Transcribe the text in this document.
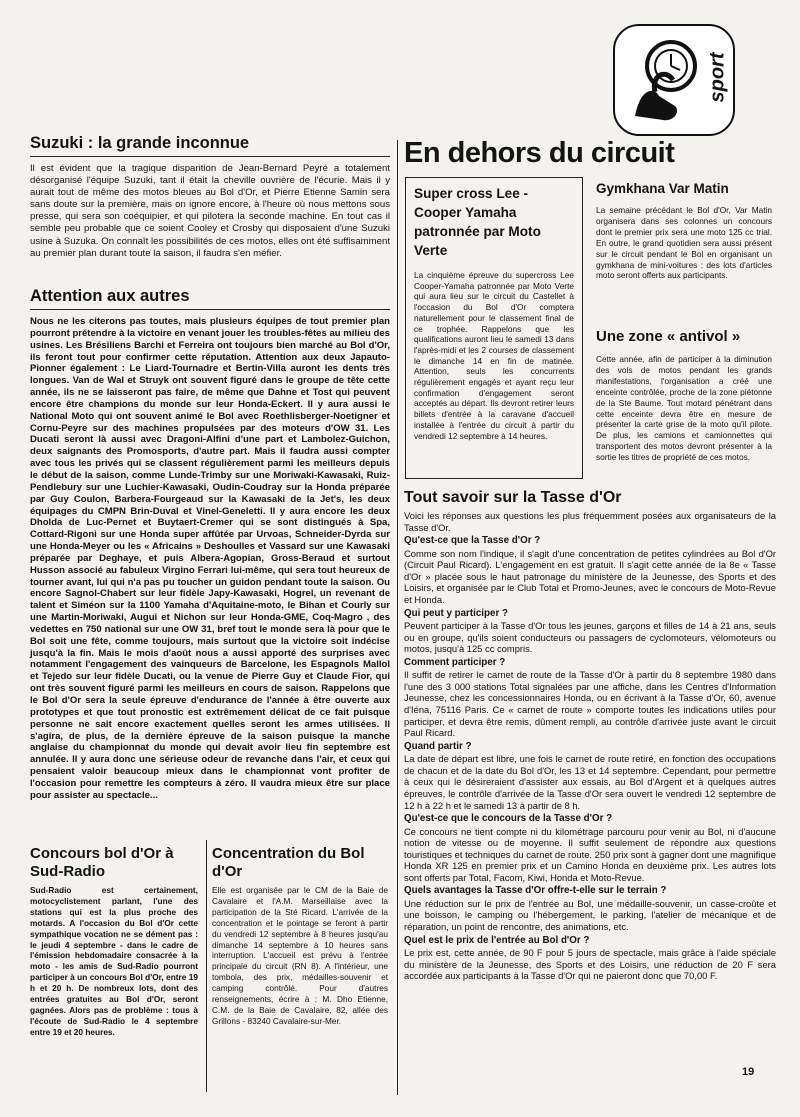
sport
Suzuki : la grande inconnue

Il est évident que la tragique disparition de Jean-Bernard Peyré a totalement désorganisé l'équipe Suzuki, tant il était la cheville ouvrière de l'écurie. Mais il y aurait tout de même des motos bleues au Bol d'Or, et Pierre Etienne Samin sera sans doute sur la première, mais on ignore encore, à l'heure où nous mettons sous presse, qui sera son coéquipier, et qui pilotera la seconde machine. En tout cas il semble peu probable que ce soient Cooley et Crosby qui disposaient d'une Suzuki usine à Suzuka. On connaît les possibilités de ces motos, elles ont été suffisamment au premier plan durant toute la saison, il faudra s'en méfier.

Attention aux autres

Nous ne les citerons pas toutes, mais plusieurs équipes de tout premier plan pourront prétendre à la victoire en venant jouer les troubles-fêtes au milieu des usines. Les Brésiliens Barchi et Ferreira ont toujours bien marché au Bol d'Or, ils feront tout pour confirmer cette réputation. Attention aux deux Japauto-Pionner également : Le Liard-Tournadre et Bertin-Villa auront les dents très longues. Van de Wal et Struyk ont souvent figuré dans le groupe de tête cette année, ils ne se laisseront pas faire, de même que Dahne et Tost qui peuvent encore être champions du monde sur leur Honda-Eckert. Il y aura aussi le National Moto qui ont souvent animé le Bol avec Roethlisberger-Noetigner et Cornu-Peyre sur des machines propulsées par des moteurs d'OW 31. Les Ducati seront là aussi avec Dragoni-Alfini d'une part et Lambolez-Guichon, deux saignants des Promosports, d'autre part. Mais il faudra aussi compter avec tous les privés qui se classent régulièrement parmi les meilleurs depuis le début de la saison, comme Lunde-Trimby sur une Moriwaki-Kawasaki, Ruiz-Pendlebury sur une Luchier-Kawasaki, Oudin-Coudray sur la Honda préparée par Guy Coulon, Barbera-Fourgeaud sur la Kawasaki de la Jet's, les deux équipages du CMPN Brin-Duval et Vinel-Geneletti. Il y aura encore les deux Dholda de Luc-Pernet et Buytaert-Cremer qui se sont distingués à Spa, Cottard-Rigoni sur une Honda super affûtée par Urvoas, Schneider-Dyrda sur une Honda-Meyer ou les « Africains » Deshoulles et Vassard sur une Kawasaki préparée par Deghaye, et puis Albera-Agopian, Gross-Beraud et surtout Husson associé au fabuleux Virgino Ferrari lui-même, qui sera tout heureux de tourner avant, lui qui n'a pas pu toucher un guidon pendant toute la saison. Ou encore Sagnol-Chabert sur leur fidèle Japy-Kawasaki, Hogrel, un revenant de talent et Siméon sur la 1100 Yamaha d'Aquitaine-moto, le Bihan et Courly sur une Martin-Moriwaki, Augui et Nichon sur leur Honda-GME, Coq-Magro , des vedettes en 750 national sur une OW 31, bref tout le monde sera là pour que le Bol soit une fête, comme toujours, mais surtout que la victoire soit indécise jusqu'à la fin. Mais le mois d'août nous a aussi apporté des surprises avec notamment l'engagement des vainqueurs de Barcelone, les Espagnols Mallol et Tejedo sur leur fidèle Ducati, ou la venue de Pierre Guy et Claude Fior, qui ont très souvent figuré parmi les meilleurs en cours de saison. Rappelons que le Bol d'Or sera la seule épreuve d'endurance de l'année à être ouverte aux prototypes et que tout pronostic est extrêmement délicat de ce fait puisque personne ne sait encore exactement quelles seront les armes utilisées. Il s'agira, de plus, de la dernière épreuve de la saison puisque la manche anglaise du championnat du monde qui devait avoir lieu fin septembre est annulée. Il y aura donc une sérieuse odeur de revanche dans l'air, et ceux qui pensaient valoir beaucoup mieux dans le championnat vont profiter de l'occasion pour remettre les compteurs à zéro. Il vaudra mieux être sur place pour assister au spectacle...

Concours bol d'Or à Sud-Radio

Sud-Radio est certainement, motocyclistement parlant, l'une des stations qui est la plus proche des motards. A l'occasion du Bol d'Or cette sympathique vocation ne se dément pas : le jeudi 4 septembre - dans le cadre de l'émission hebdomadaire consacrée à la moto - les amis de Sud-Radio pourront participer à un concours Bol d'Or, entre 19 h et 20 h. De nombreux lots, dont des entrées gratuites au Bol d'Or, seront gagnées. Alors pas de problème : tous à l'écoute de Sud-Radio le 4 septembre entre 19 et 20 heures.

Concentration du Bol d'Or

Elle est organisée par le CM de la Baie de Cavalaire et l'A.M. Marseillaise avec la participation de la Sté Ricard. L'arrivée de la concentration et le pointage se feront à partir du vendredi 12 septembre à 8 heures jusqu'au dimanche 14 septembre à 10 heures sans interruption. L'accueil est prévu à l'entrée principale du circuit (RN 8). A l'intérieur, une tombola, des prix, médailles-souvenir et camping contrôlé. Pour d'autres renseignements, écrire à : M. Dho Etienne, C.M. de la Baie de Cavalaire, 82, allée des Grillons - 83240 Cavalaire-sur-Mer.

En dehors du circuit
Super cross Lee - Cooper Yamaha patronnée par Moto Verte

La cinquième épreuve du supercross Lee Cooper-Yamaha patronnée par Moto Verte qui aura lieu sur le circuit du Castellet à l'occasion du Bol d'Or comptera naturellement pour le classement final de ce trophée. Rappelons que les qualifications auront lieu le samedi 13 dans l'après-midi et les 2 courses de classement le dimanche 14 en fin de matinée. Attention, seuls les concurrents régulièrement engagés et ayant reçu leur confirmation d'engagement seront acceptés au départ. Ils devront retirer leurs billets d'entrée à la caravane d'accueil installée à l'entrée du circuit à partir du vendredi 12 septembre à 14 heures.

Gymkhana Var Matin

La semaine précédant le Bol d'Or, Var Matin organisera dans ses colonnes un concours dont le premier prix sera une moto 125 cc trial. En outre, le grand quotidien sera aussi présent sur le circuit pendant le Bol en organisant un gymkhana de mini-voitures : des lots d'articles moto seront offerts aux participants.

Une zone « antivol »

Cette année, afin de participer à la diminution des vols de motos pendant les grands manifestations, l'organisation a créé une enceinte contrôlée, proche de la zone piétonne de la Ste Baume. Tout motard pénétrant dans cette enceinte devra être en mesure de présenter la carte grise de la moto qu'il pilote. De plus, les camions et camionnettes qui transportent des motos devront présenter à la sortie les titres de propriété de ces motos.

Tout savoir sur la Tasse d'Or

Voici les réponses aux questions les plus fréquemment posées aux organisateurs de la Tasse d'Or.

Qu'est-ce que la Tasse d'Or ?

Comme son nom l'indique, il s'agit d'une concentration de petites cylindrées au Bol d'Or (Circuit Paul Ricard). L'engagement en est gratuit. Il s'agit cette année de la 8e « Tasse d'Or » placée sous le haut patronage du ministère de la Jeunesse, des Sports et des Loisirs, et organisée par le Club Total et Promo-Jeunes, avec le concours de Moto-Revue et Honda.

Qui peut y participer ?

Peuvent participer à la Tasse d'Or tous les jeunes, garçons et filles de 14 à 21 ans, seuls ou en groupe, qu'ils soient conducteurs ou passagers de cyclomoteurs, vélomoteurs ou motos, jusqu'à 125 cc compris.

Comment participer ?

Il suffit de retirer le carnet de route de la Tasse d'Or à partir du 8 septembre 1980 dans l'une des 3 000 stations Total signalées par une affiche, dans les Centres d'Information Jeunesse, chez les concessionnaires Honda, ou en écrivant à la Tasse d'Or, 60, avenue d'Iéna, 75116 Paris. Ce « carnet de route » comporte toutes les indications utiles pour participer, et devra être remis, dûment rempli, au contrôle d'arrivée juste avant le circuit Paul Ricard.

Quand partir ?

La date de départ est libre, une fois le carnet de route retiré, en fonction des occupations de chacun et de la date du Bol d'Or, les 13 et 14 septembre. Cependant, pour permettre à ceux qui le désireraient d'assister aux essais, au Bol d'Argent et à quelques autres épreuves, le contrôle d'arrivée de la Tasse d'Or sera ouvert le vendredi 12 septembre de 12 h à 22 h et le samedi 13 à partir de 8 h.

Qu'est-ce que le concours de la Tasse d'Or ?

Ce concours ne tient compte ni du kilométrage parcouru pour venir au Bol, ni d'aucune notion de vitesse ou de moyenne. Il suffit seulement de répondre aux questions touristiques et techniques du carnet de route. 250 prix sont à gagner dont une magnifique Honda XR 125 en premier prix et un Camino Honda en deuxième prix. Les autres lots sont offerts par Total, Facom, Kiwi, Honda et Moto-Revue.

Quels avantages la Tasse d'Or offre-t-elle sur le terrain ?

Une réduction sur le prix de l'entrée au Bol, une médaille-souvenir, un casse-croûte et une boisson, le camping ou l'hébergement, le parking, l'atelier de mécanique et de réparation, un point de rencontre, des animations, etc.

Quel est le prix de l'entrée au Bol d'Or ?

Le prix est, cette année, de 90 F pour 5 jours de spectacle, mais grâce à l'aide spéciale du ministère de la Jeunesse, des Sports et des Loisirs, une réduction de 20 F sera accordée aux participants à la Tasse d'Or qui ne paieront donc que 70,00 F.

19
